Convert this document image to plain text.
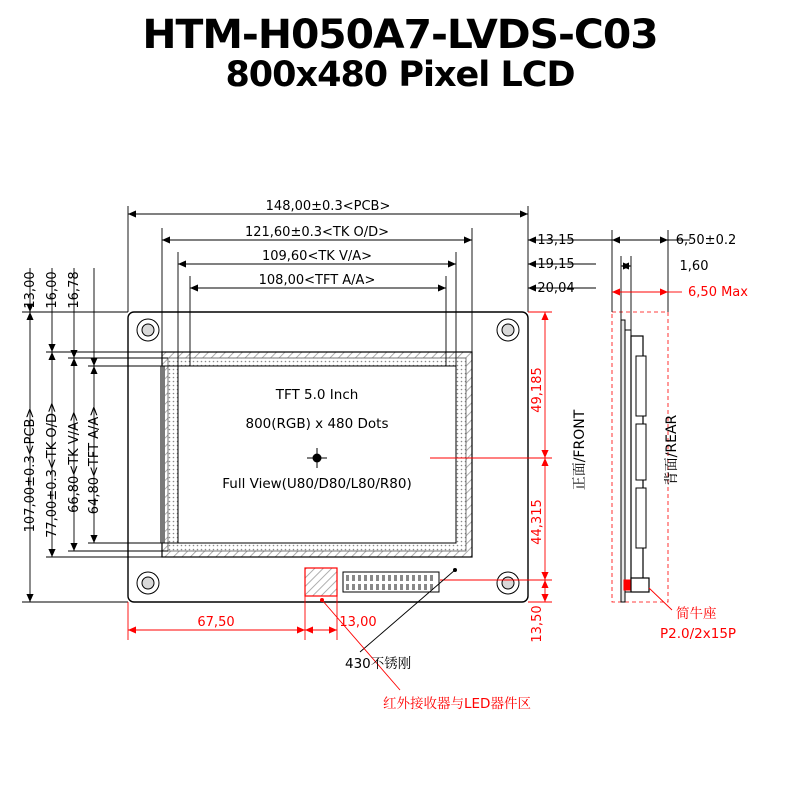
HTM-H050A7-LVDS-C03
800x480 Pixel LCD
TFT 5.0 Inch
800(RGB) x 480 Dots
Full View(U80/D80/L80/R80)
148,00±0.3<PCB>
121,60±0.3<TK O/D>
109,60<TK V/A>
108,00<TFT A/A>
13,15
19,15
20,04
107,00±0.3<PCB> 77,00±0.3<TK O/D> 66,80<TK V/A> 64,80<TFT A/A>
13,00 16,00 16,78
49,185
44,315
13,50
67,50	13,00
430不锈刚
红外接收器与LED器件区
正面/FRONT
6,50±0.2
1,60
6,50 Max
背面/REAR
简牛座
P2.0/2x15P
